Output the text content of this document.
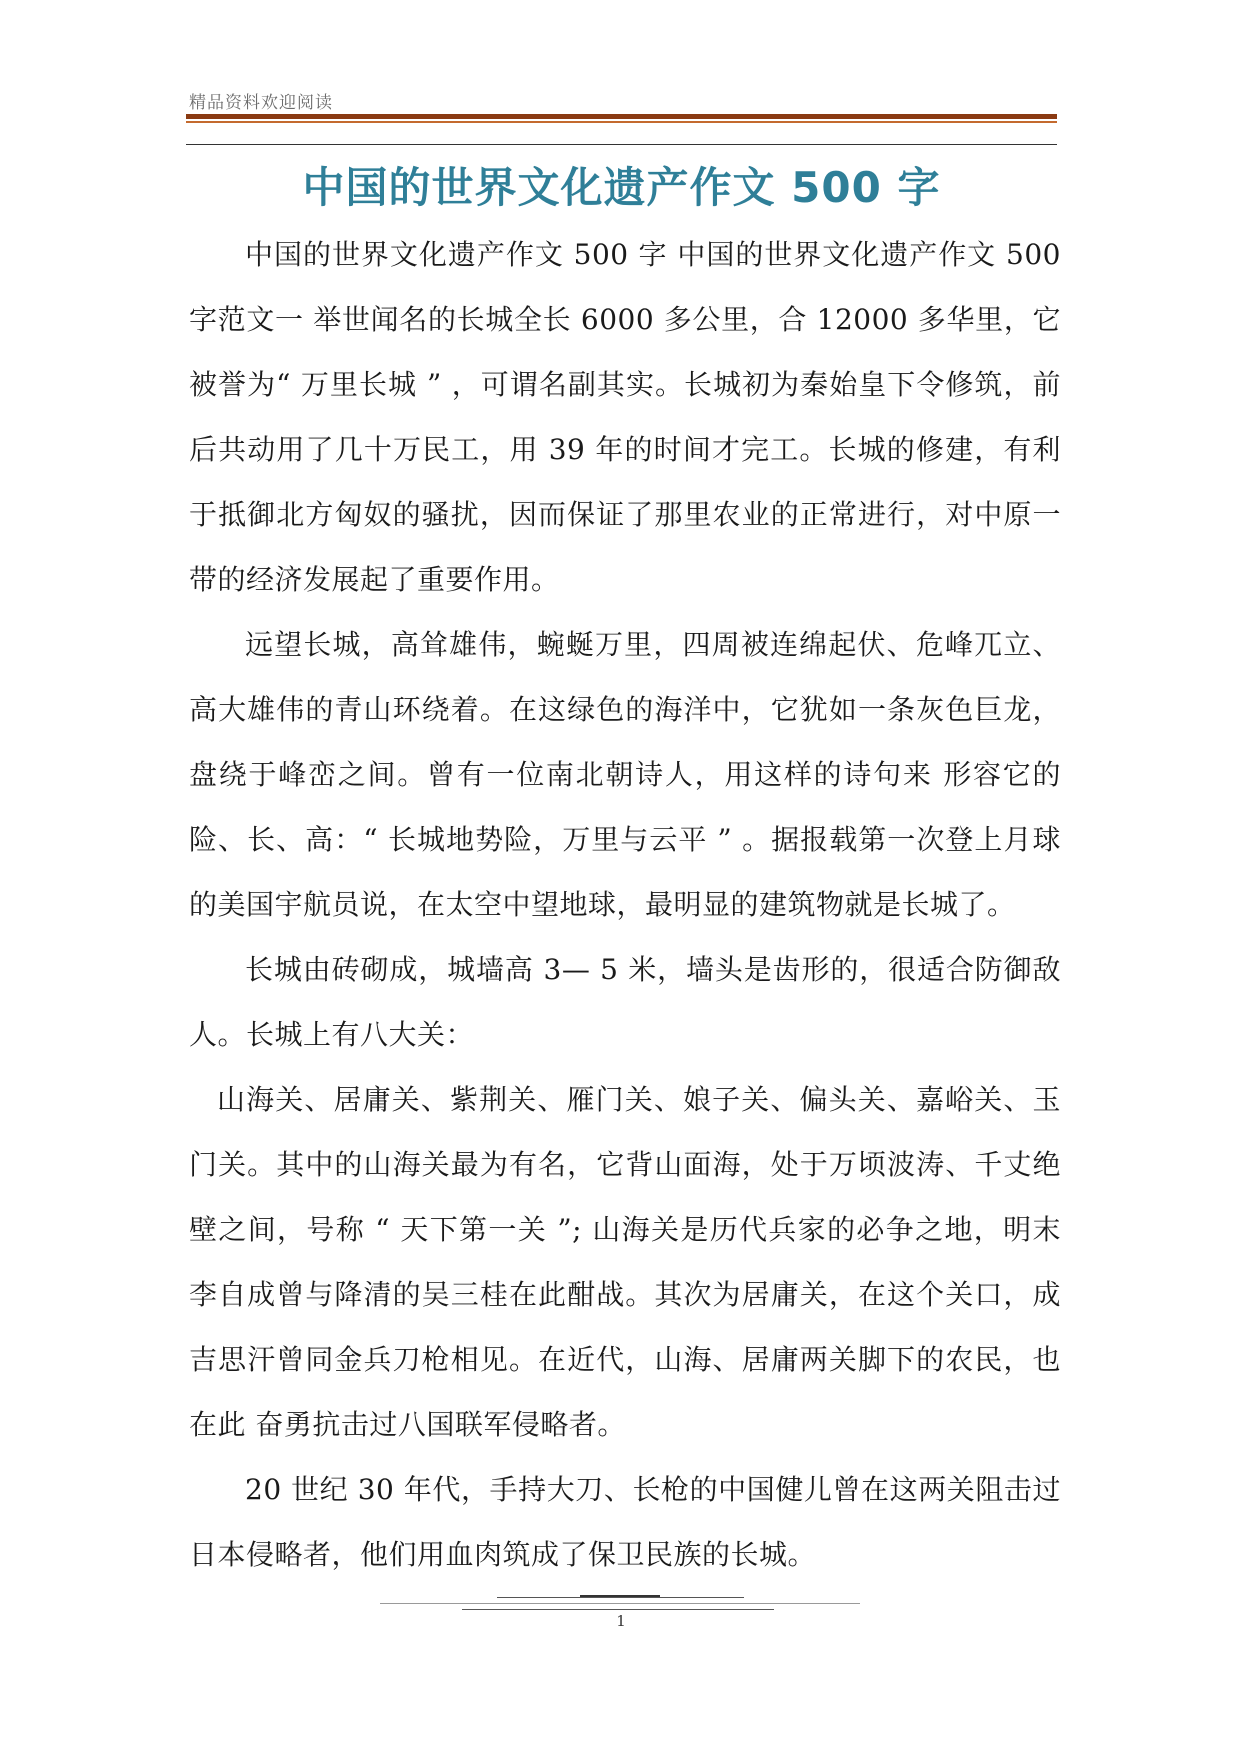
精品资料欢迎阅读
中国的世界文化遗产作文 500 字

中国的世界文化遗产作文 500 字 中国的世界文化遗产作文 500 字范文一 举世闻名的长城全长 6000 多公里，合 12000 多华里，它被誉为“ 万里长城 ” ，可谓名副其实。长城初为秦始皇下令修筑，前后共动用了几十万民工，用 39 年的时间才完工。长城的修建，有利于抵御北方匈奴的骚扰，因而保证了那里农业的正常进行，对中原一带的经济发展起了重要作用。

远望长城，高耸雄伟，蜿蜒万里，四周被连绵起伏、危峰兀立、高大雄伟的青山环绕着。在这绿色的海洋中，它犹如一条灰色巨龙，盘绕于峰峦之间。曾有一位南北朝诗人，用这样的诗句来 形容它的险、长、高：“ 长城地势险，万里与云平 ” 。据报载第一次登上月球的美国宇航员说，在太空中望地球，最明显的建筑物就是长城了。

长城由砖砌成，城墙高 3— 5 米，墙头是齿形的，很适合防御敌人。长城上有八大关：

山海关、居庸关、紫荆关、雁门关、娘子关、偏头关、嘉峪关、玉门关。其中的山海关最为有名，它背山面海，处于万顷波涛、千丈绝壁之间，号称 “ 天下第一关 ”; 山海关是历代兵家的必争之地，明末李自成曾与降清的吴三桂在此酣战。其次为居庸关，在这个关口，成吉思汗曾同金兵刀枪相见。在近代，山海、居庸两关脚下的农民，也在此 奋勇抗击过八国联军侵略者。

20 世纪 30 年代，手持大刀、长枪的中国健儿曾在这两关阻击过日本侵略者，他们用血肉筑成了保卫民族的长城。

1
